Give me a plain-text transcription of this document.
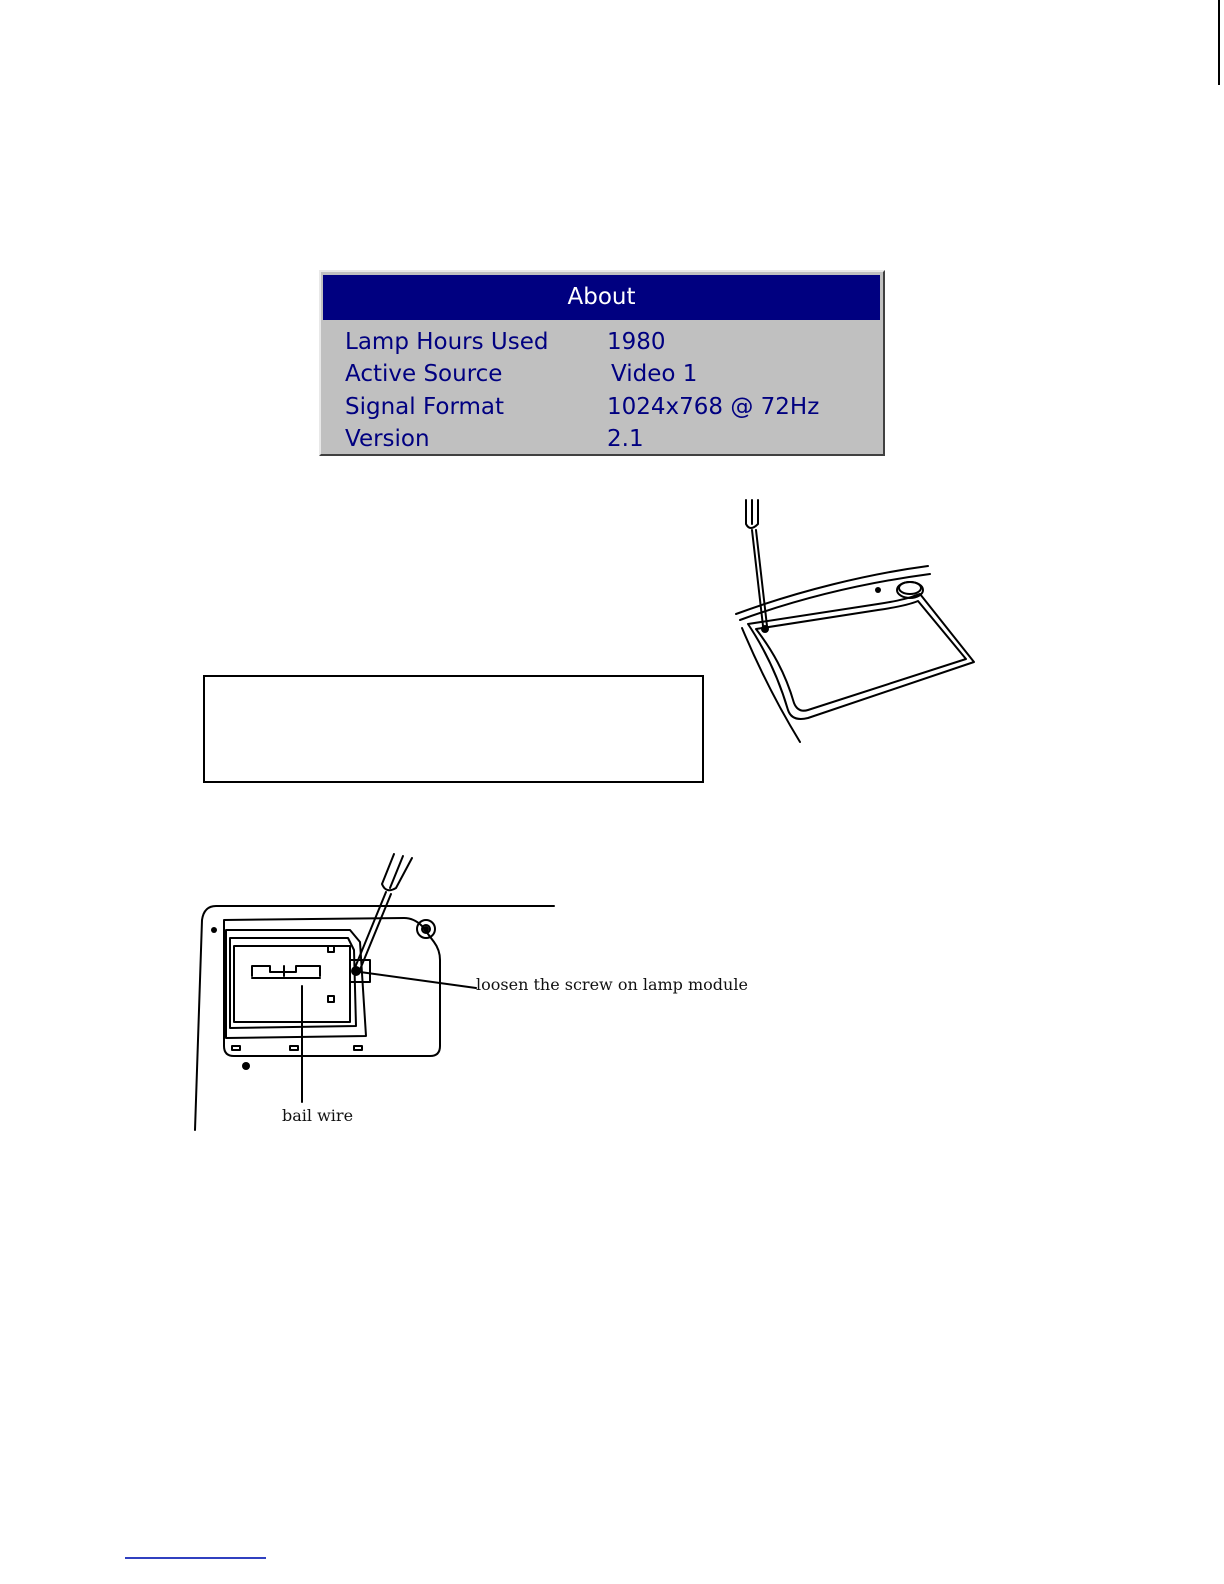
About
Lamp Hours Used	1980
Active Source	Video 1
Signal Format	1024x768 @ 72Hz
Version	2.1
loosen the screw on lamp module
bail wire
